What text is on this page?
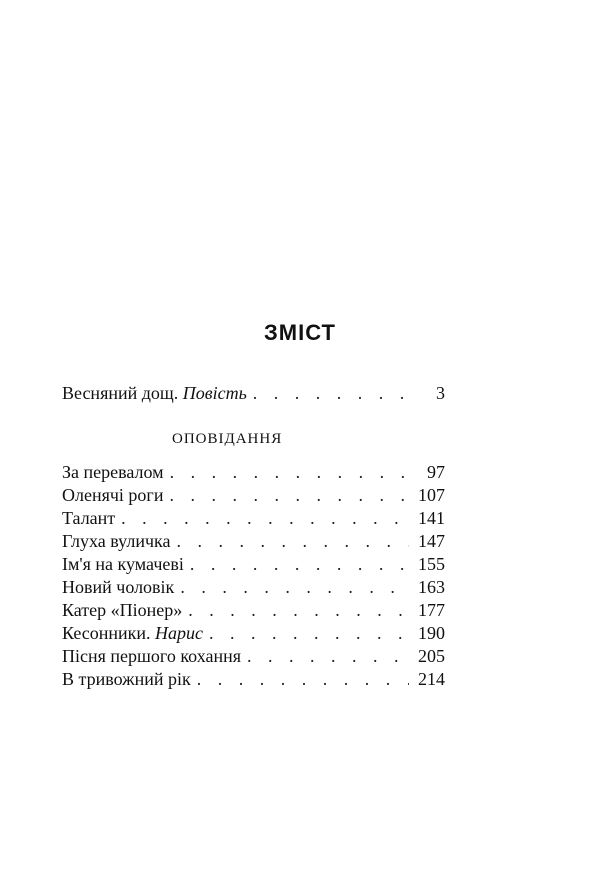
ЗМІСТ
Весняний дощ. Повість . . .	3
ОПОВІДАННЯ
За перевалом . . .	97
Оленячі роги . . .	107
Талант . . .	141
Глуха вуличка . . .	147
Ім'я на кумачеві . . .	155
Новий чоловік . . .	163
Катер «Піонер» . . .	177
Кесонники. Нарис . . .	190
Пісня першого кохання . . .	205
В тривожний рік . . .	214
